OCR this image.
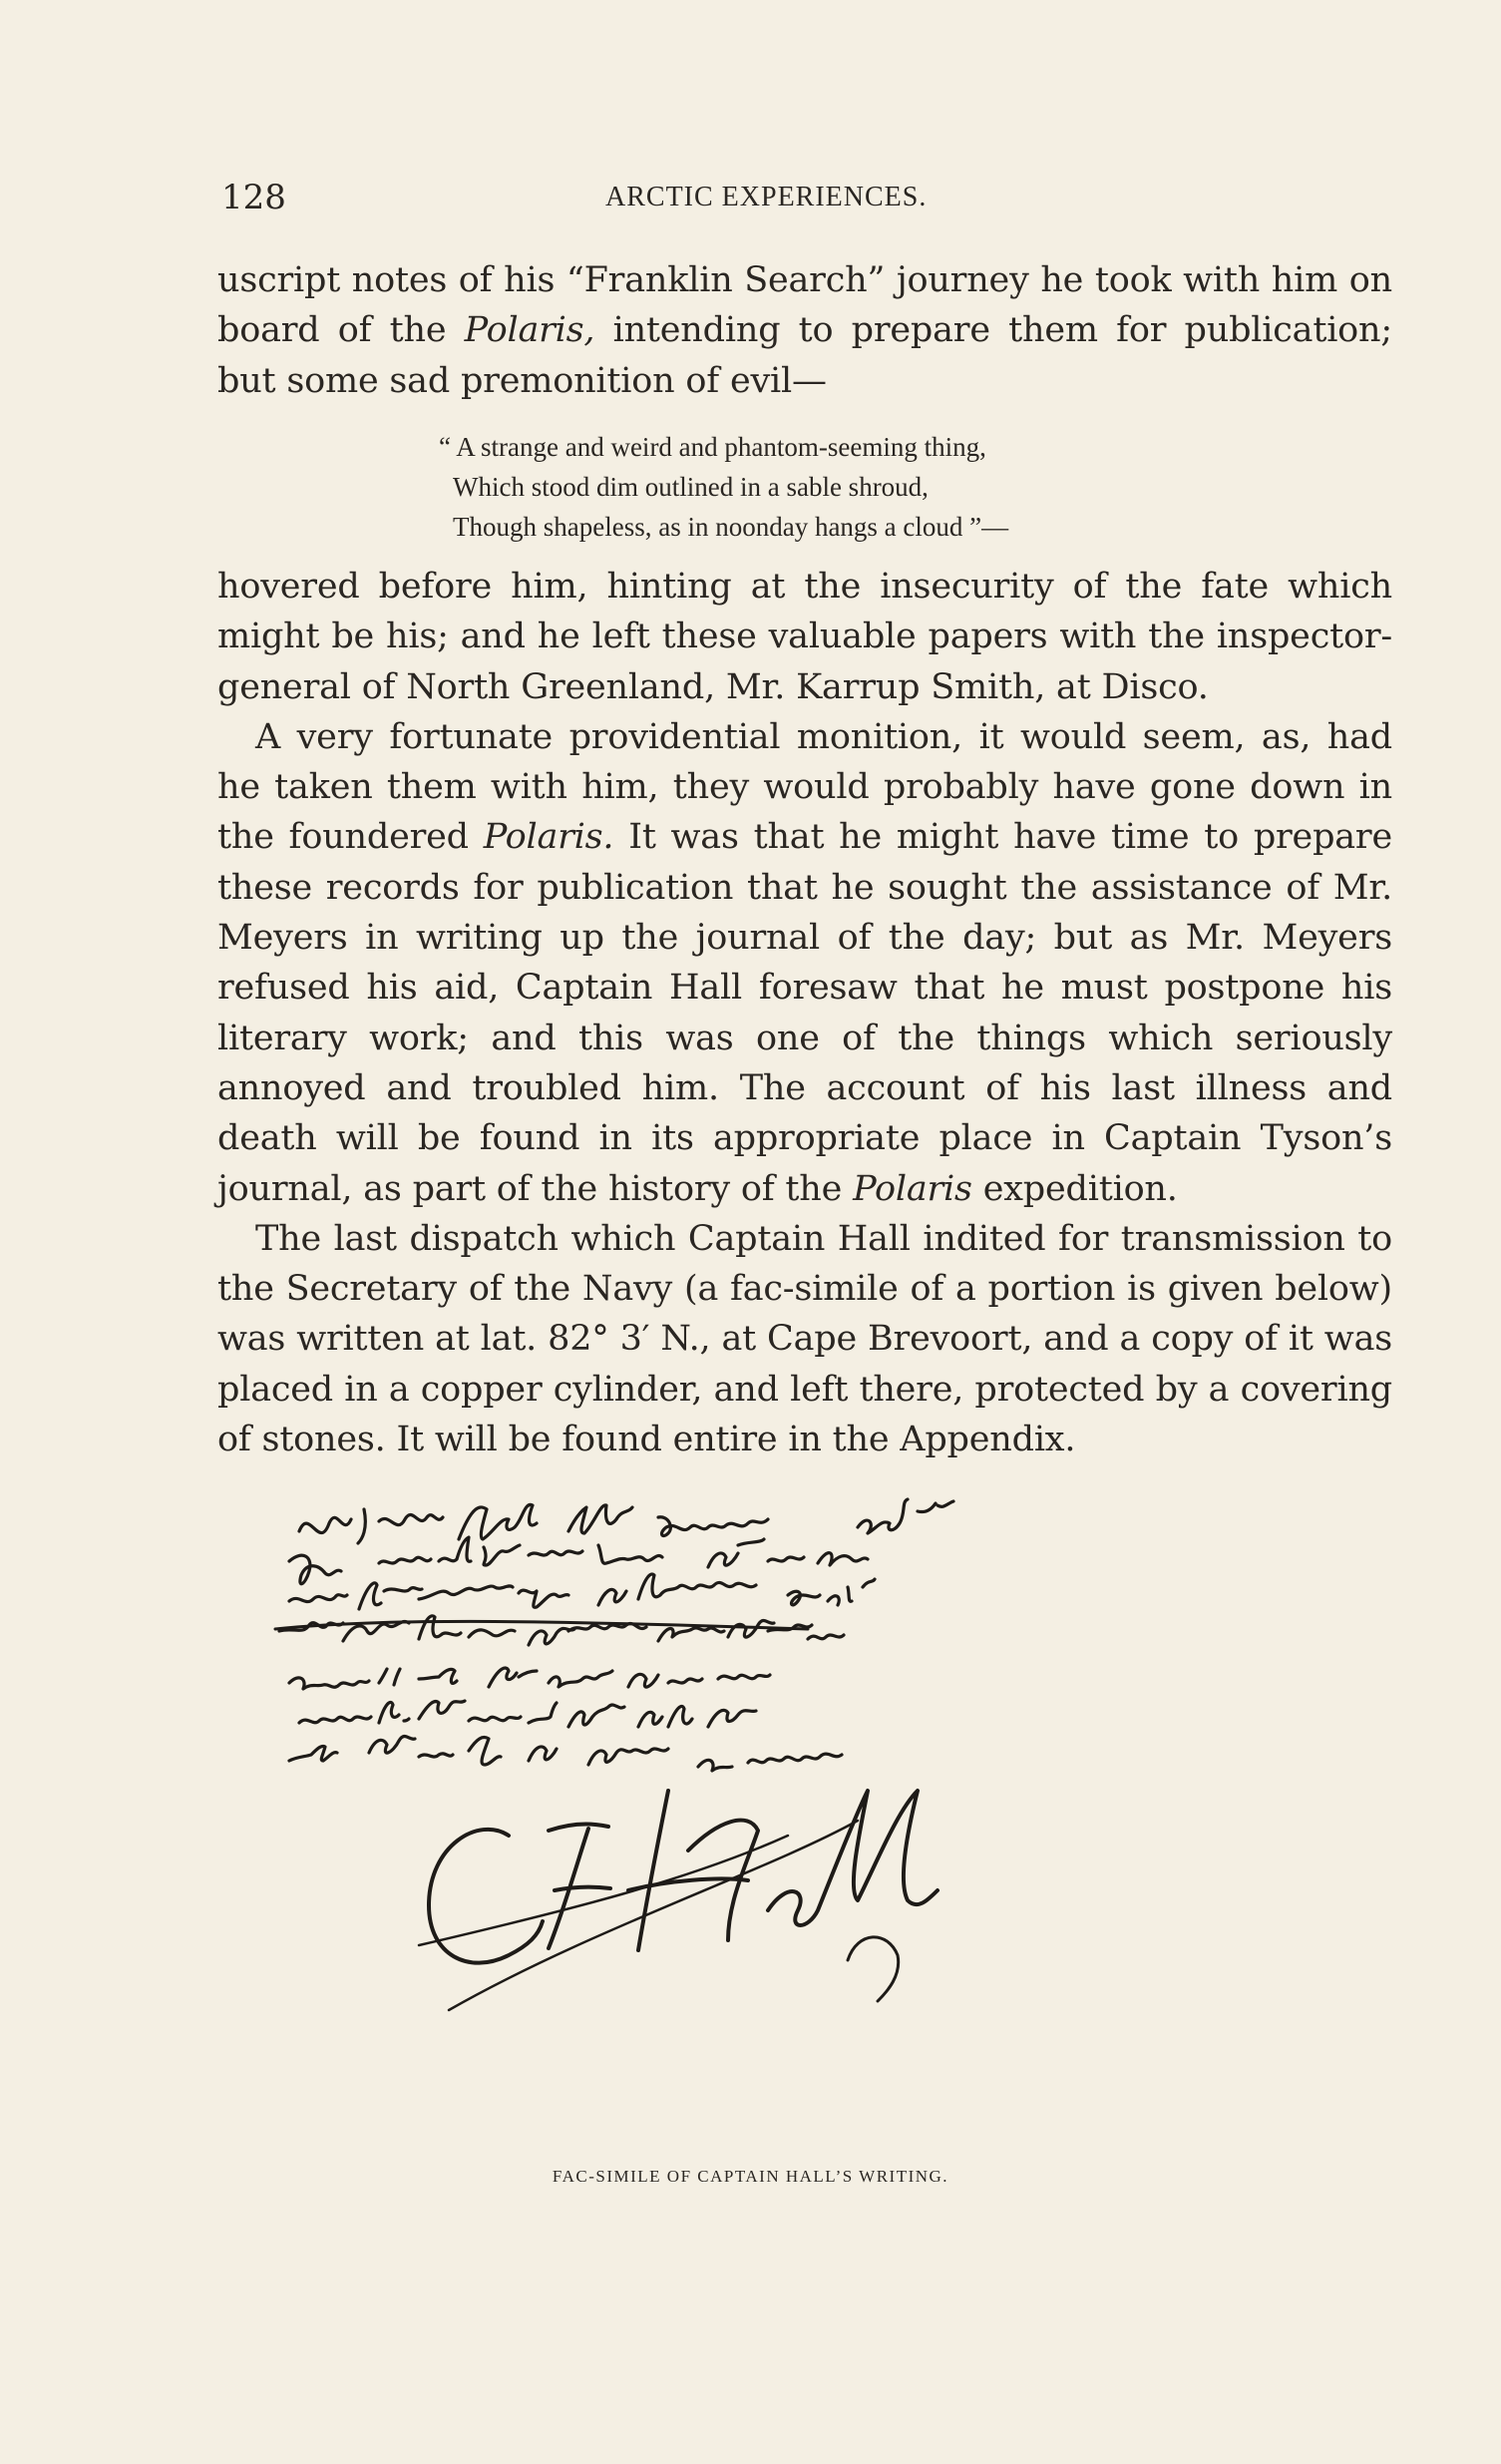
128	ARCTIC EXPERIENCES.

uscript notes of his “Franklin Search” journey he took with him on board of the Polaris, intending to prepare them for publication; but some sad premonition of evil—

“ A strange and weird and phantom-seeming thing,
Which stood dim outlined in a sable shroud,
Though shapeless, as in noonday hangs a cloud ”—

hovered before him, hinting at the insecurity of the fate which might be his; and he left these valuable papers with the inspector-general of North Greenland, Mr. Karrup Smith, at Disco.

A very fortunate providential monition, it would seem, as, had he taken them with him, they would probably have gone down in the foundered Polaris. It was that he might have time to prepare these records for publication that he sought the assistance of Mr. Meyers in writing up the journal of the day; but as Mr. Meyers refused his aid, Captain Hall foresaw that he must postpone his literary work; and this was one of the things which seriously annoyed and troubled him. The account of his last illness and death will be found in its appropriate place in Captain Tyson’s journal, as part of the history of the Polaris expedition.

The last dispatch which Captain Hall indited for transmission to the Secretary of the Navy (a fac-simile of a portion is given below) was written at lat. 82° 3′ N., at Cape Brevoort, and a copy of it was placed in a copper cylinder, and left there, protected by a covering of stones. It will be found entire in the Appendix.

FAC-SIMILE OF CAPTAIN HALL’S WRITING.
